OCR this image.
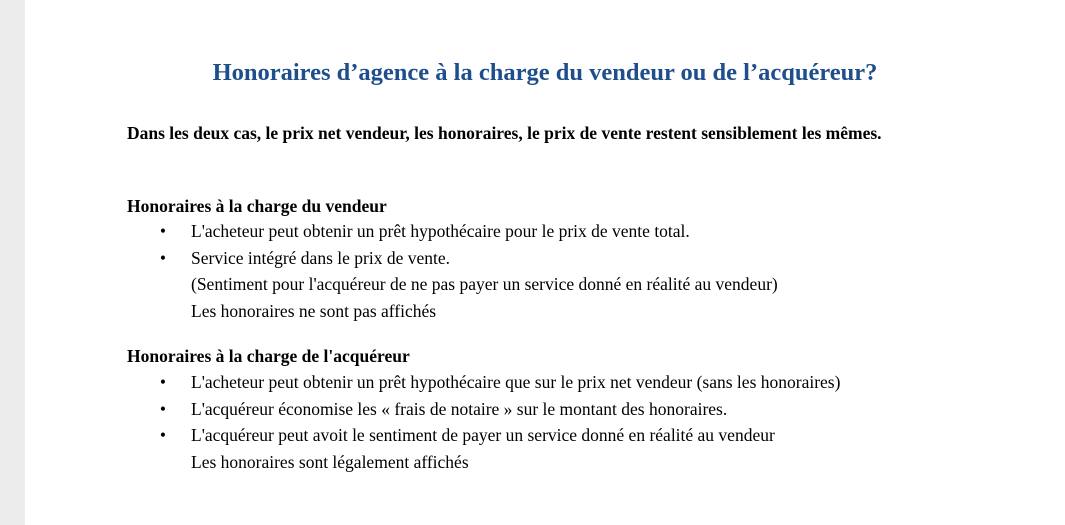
Honoraires d’agence à la charge du vendeur ou de l’acquéreur?

Dans les deux cas, le prix net vendeur, les honoraires, le prix de vente restent sensiblement les mêmes.

Honoraires à la charge du vendeur

• L'acheteur peut obtenir un prêt hypothécaire pour le prix de vente total.
• Service intégré dans le prix de vente.

(Sentiment pour l'acquéreur de ne pas payer un service donné en réalité au vendeur)

Les honoraires ne sont pas affichés

Honoraires à la charge de l'acquéreur

• L'acheteur peut obtenir un prêt hypothécaire que sur le prix net vendeur (sans les honoraires)
• L'acquéreur économise les « frais de notaire » sur le montant des honoraires.
• L'acquéreur peut avoit le sentiment de payer un service donné en réalité au vendeur

Les honoraires sont légalement affichés
